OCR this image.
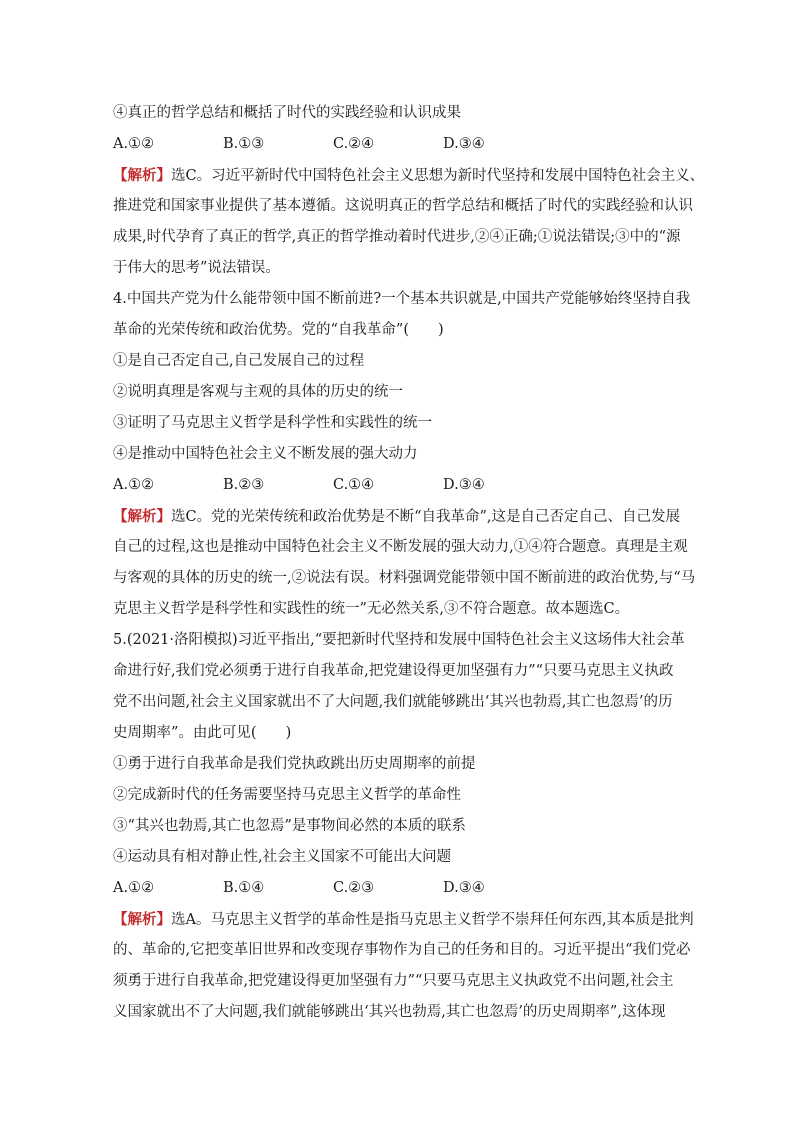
④真正的哲学总结和概括了时代的实践经验和认识成果
A.①②	B.①③	C.②④	D.③④
【解析】选C。习近平新时代中国特色社会主义思想为新时代坚持和发展中国特色社会主义、
推进党和国家事业提供了基本遵循。这说明真正的哲学总结和概括了时代的实践经验和认识
成果,时代孕育了真正的哲学,真正的哲学推动着时代进步,②④正确;①说法错误;③中的“源
于伟大的思考”说法错误。
4.中国共产党为什么能带领中国不断前进?一个基本共识就是,中国共产党能够始终坚持自我
革命的光荣传统和政治优势。党的“自我革命”(　　)
①是自己否定自己,自己发展自己的过程
②说明真理是客观与主观的具体的历史的统一
③证明了马克思主义哲学是科学性和实践性的统一
④是推动中国特色社会主义不断发展的强大动力
A.①②	B.②③	C.①④	D.③④
【解析】选C。党的光荣传统和政治优势是不断“自我革命”,这是自己否定自己、自己发展
自己的过程,这也是推动中国特色社会主义不断发展的强大动力,①④符合题意。真理是主观
与客观的具体的历史的统一,②说法有误。材料强调党能带领中国不断前进的政治优势,与“马
克思主义哲学是科学性和实践性的统一”无必然关系,③不符合题意。故本题选C。
5.(2021·洛阳模拟)习近平指出,“要把新时代坚持和发展中国特色社会主义这场伟大社会革
命进行好,我们党必须勇于进行自我革命,把党建设得更加坚强有力”“只要马克思主义执政
党不出问题,社会主义国家就出不了大问题,我们就能够跳出‘其兴也勃焉,其亡也忽焉’的历
史周期率”。由此可见(　　)
①勇于进行自我革命是我们党执政跳出历史周期率的前提
②完成新时代的任务需要坚持马克思主义哲学的革命性
③“其兴也勃焉,其亡也忽焉”是事物间必然的本质的联系
④运动具有相对静止性,社会主义国家不可能出大问题
A.①②	B.①④	C.②③	D.③④
【解析】选A。马克思主义哲学的革命性是指马克思主义哲学不崇拜任何东西,其本质是批判
的、革命的,它把变革旧世界和改变现存事物作为自己的任务和目的。习近平提出“我们党必
须勇于进行自我革命,把党建设得更加坚强有力”“只要马克思主义执政党不出问题,社会主
义国家就出不了大问题,我们就能够跳出‘其兴也勃焉,其亡也忽焉’的历史周期率”,这体现
